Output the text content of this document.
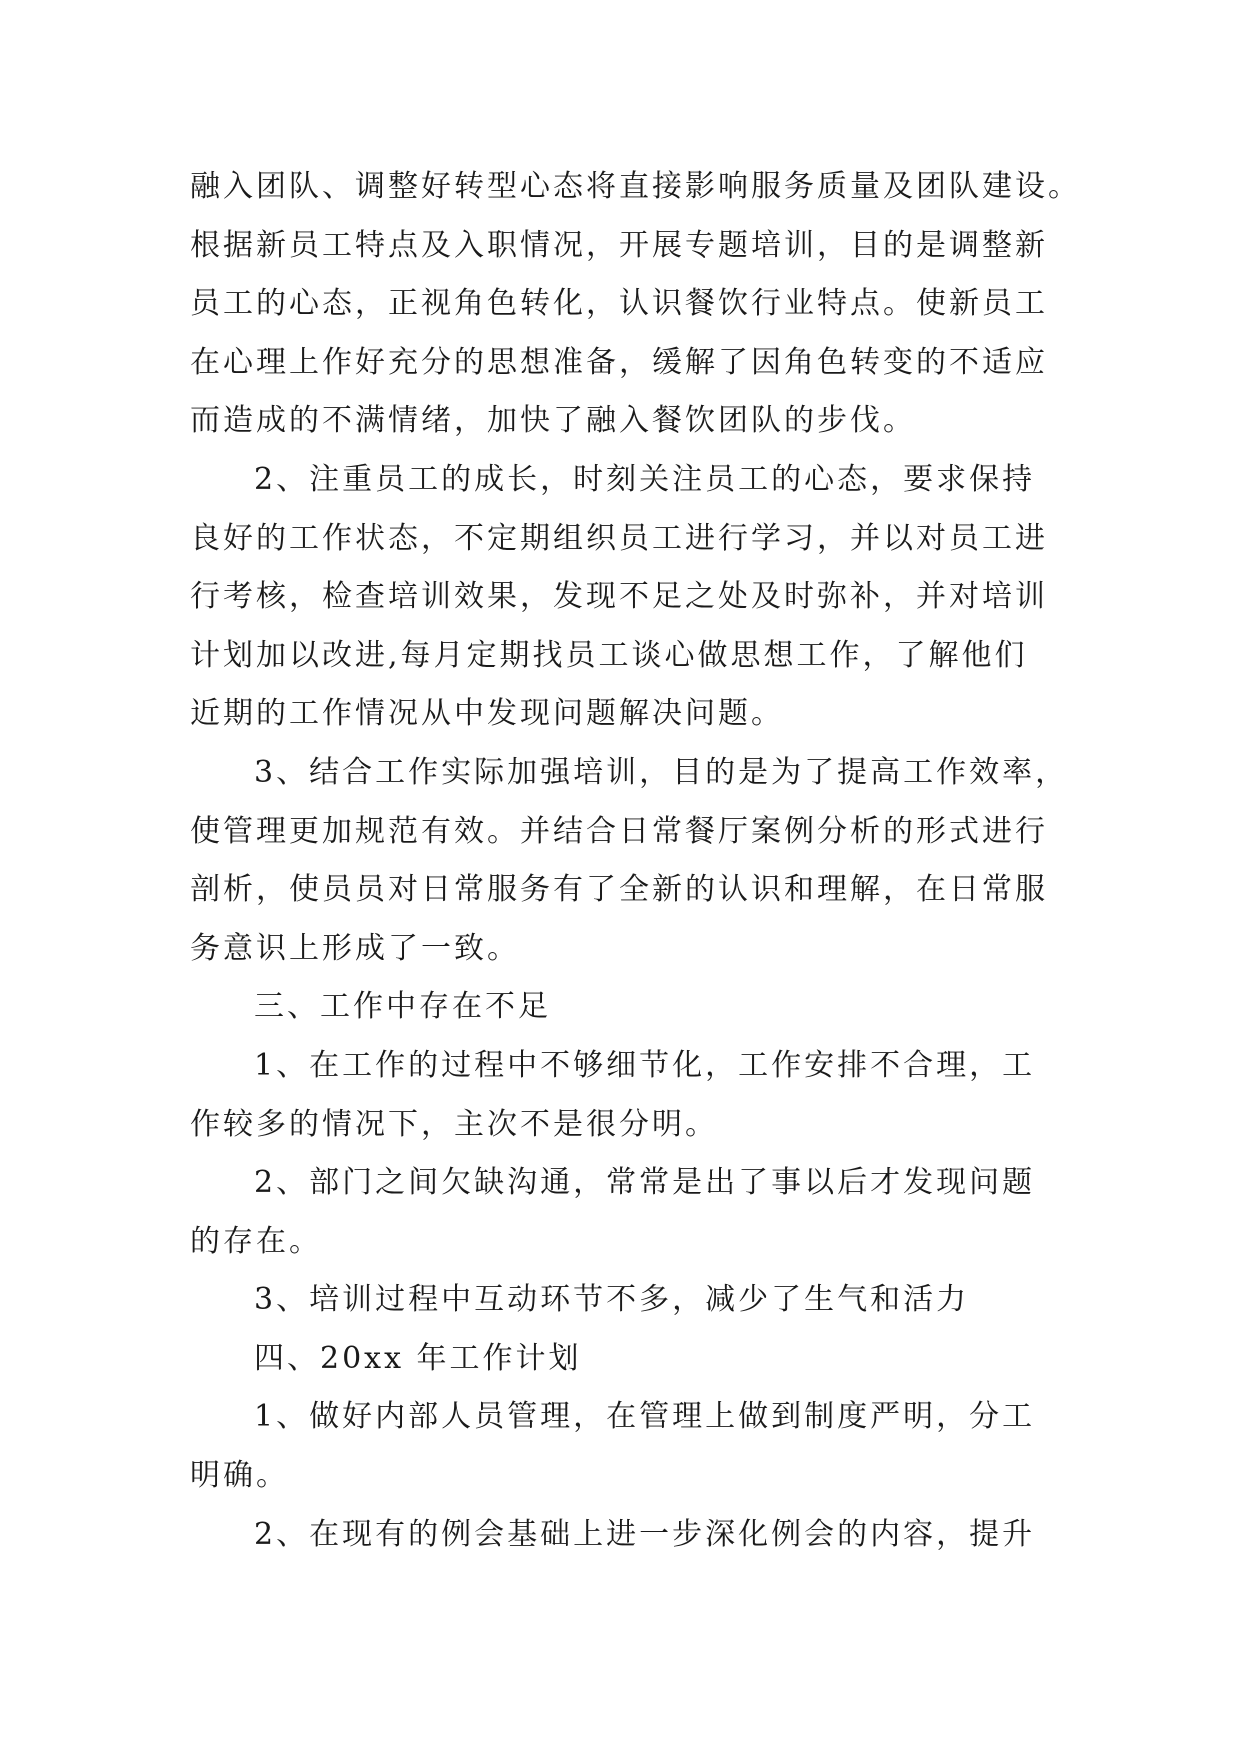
融入团队、调整好转型心态将直接影响服务质量及团队建设。
根据新员工特点及入职情况，开展专题培训，目的是调整新
员工的心态，正视角色转化，认识餐饮行业特点。使新员工
在心理上作好充分的思想准备，缓解了因角色转变的不适应
而造成的不满情绪，加快了融入餐饮团队的步伐。
2、注重员工的成长，时刻关注员工的心态，要求保持
良好的工作状态，不定期组织员工进行学习，并以对员工进
行考核，检查培训效果，发现不足之处及时弥补，并对培训
计划加以改进,每月定期找员工谈心做思想工作，了解他们
近期的工作情况从中发现问题解决问题。
3、结合工作实际加强培训，目的是为了提高工作效率，
使管理更加规范有效。并结合日常餐厅案例分析的形式进行
剖析，使员员对日常服务有了全新的认识和理解，在日常服
务意识上形成了一致。
三、工作中存在不足
1、在工作的过程中不够细节化，工作安排不合理，工
作较多的情况下，主次不是很分明。
2、部门之间欠缺沟通，常常是出了事以后才发现问题
的存在。
3、培训过程中互动环节不多，减少了生气和活力
四、20xx 年工作计划
1、做好内部人员管理，在管理上做到制度严明，分工
明确。
2、在现有的例会基础上进一步深化例会的内容，提升
